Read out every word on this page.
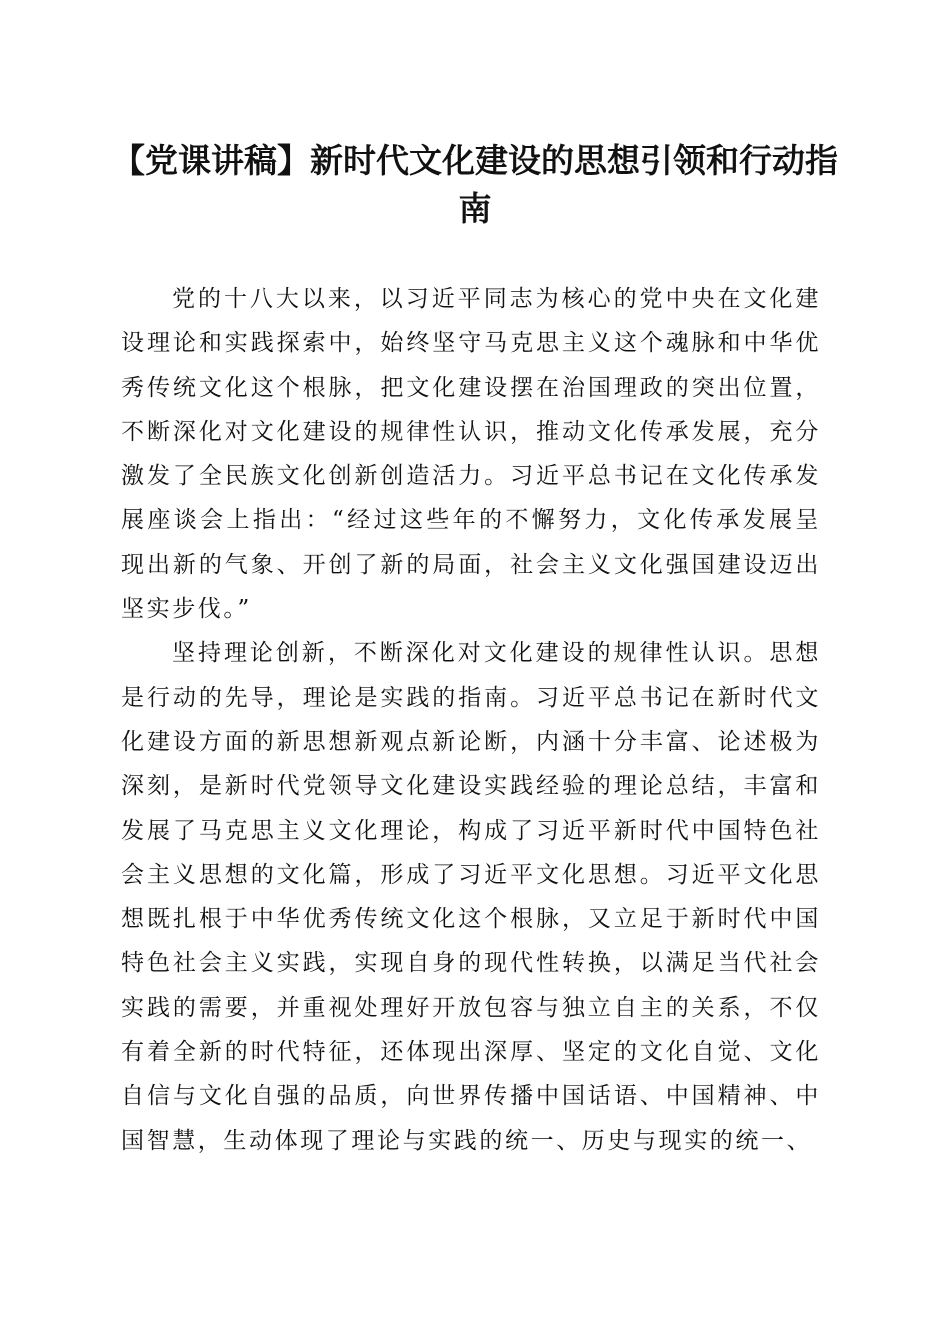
【党课讲稿】新时代文化建设的思想引领和行动指南

党的十八大以来，以习近平同志为核心的党中央在文化建设理论和实践探索中，始终坚守马克思主义这个魂脉和中华优秀传统文化这个根脉，把文化建设摆在治国理政的突出位置，不断深化对文化建设的规律性认识，推动文化传承发展，充分激发了全民族文化创新创造活力。习近平总书记在文化传承发展座谈会上指出：“经过这些年的不懈努力，文化传承发展呈现出新的气象、开创了新的局面，社会主义文化强国建设迈出坚实步伐。”

坚持理论创新，不断深化对文化建设的规律性认识。思想是行动的先导，理论是实践的指南。习近平总书记在新时代文化建设方面的新思想新观点新论断，内涵十分丰富、论述极为深刻，是新时代党领导文化建设实践经验的理论总结，丰富和发展了马克思主义文化理论，构成了习近平新时代中国特色社会主义思想的文化篇，形成了习近平文化思想。习近平文化思想既扎根于中华优秀传统文化这个根脉，又立足于新时代中国特色社会主义实践，实现自身的现代性转换，以满足当代社会实践的需要，并重视处理好开放包容与独立自主的关系，不仅有着全新的时代特征，还体现出深厚、坚定的文化自觉、文化自信与文化自强的品质，向世界传播中国话语、中国精神、中国智慧，生动体现了理论与实践的统一、历史与现实的统一、
